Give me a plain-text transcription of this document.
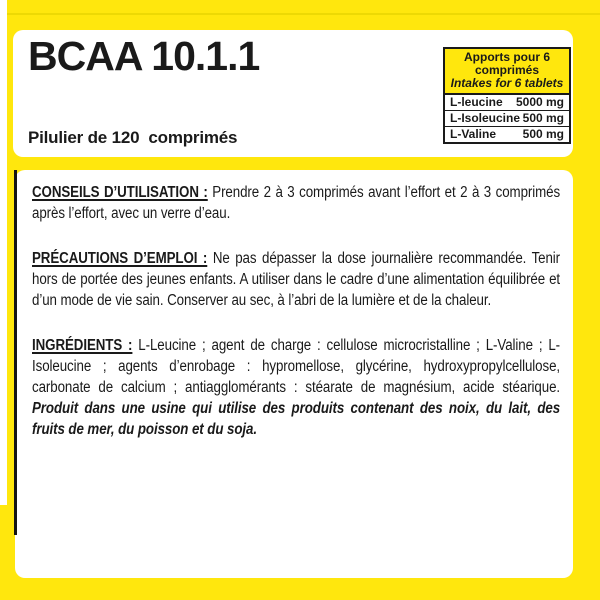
BCAA 10.1.1
Pilulier de 120  comprimés
Apports pour 6
comprimés
Intakes for 6 tablets
L-leucine 5000 mg
L-Isoleucine 500 mg
L-Valine 500 mg

CONSEILS D’UTILISATION : Prendre 2 à 3 comprimés avant l’effort et 2 à 3 comprimés après l’effort, avec un verre d’eau.

PRÉCAUTIONS D’EMPLOI : Ne pas dépasser la dose journalière recommandée. Tenir hors de portée des jeunes enfants. A utiliser dans le cadre d’une alimentation équilibrée et d’un mode de vie sain. Conserver au sec, à l’abri de la lumière et de la chaleur.

INGRÉDIENTS : L-Leucine ; agent de charge : cellulose microcristalline ; L-Valine ; L-Isoleucine ; agents d’enrobage : hypromellose, glycérine, hydroxypropylcellulose, carbonate de calcium ; antiagglomérants : stéarate de magnésium, acide stéarique. Produit dans une usine qui utilise des produits contenant des noix, du lait, des fruits de mer, du poisson et du soja.
